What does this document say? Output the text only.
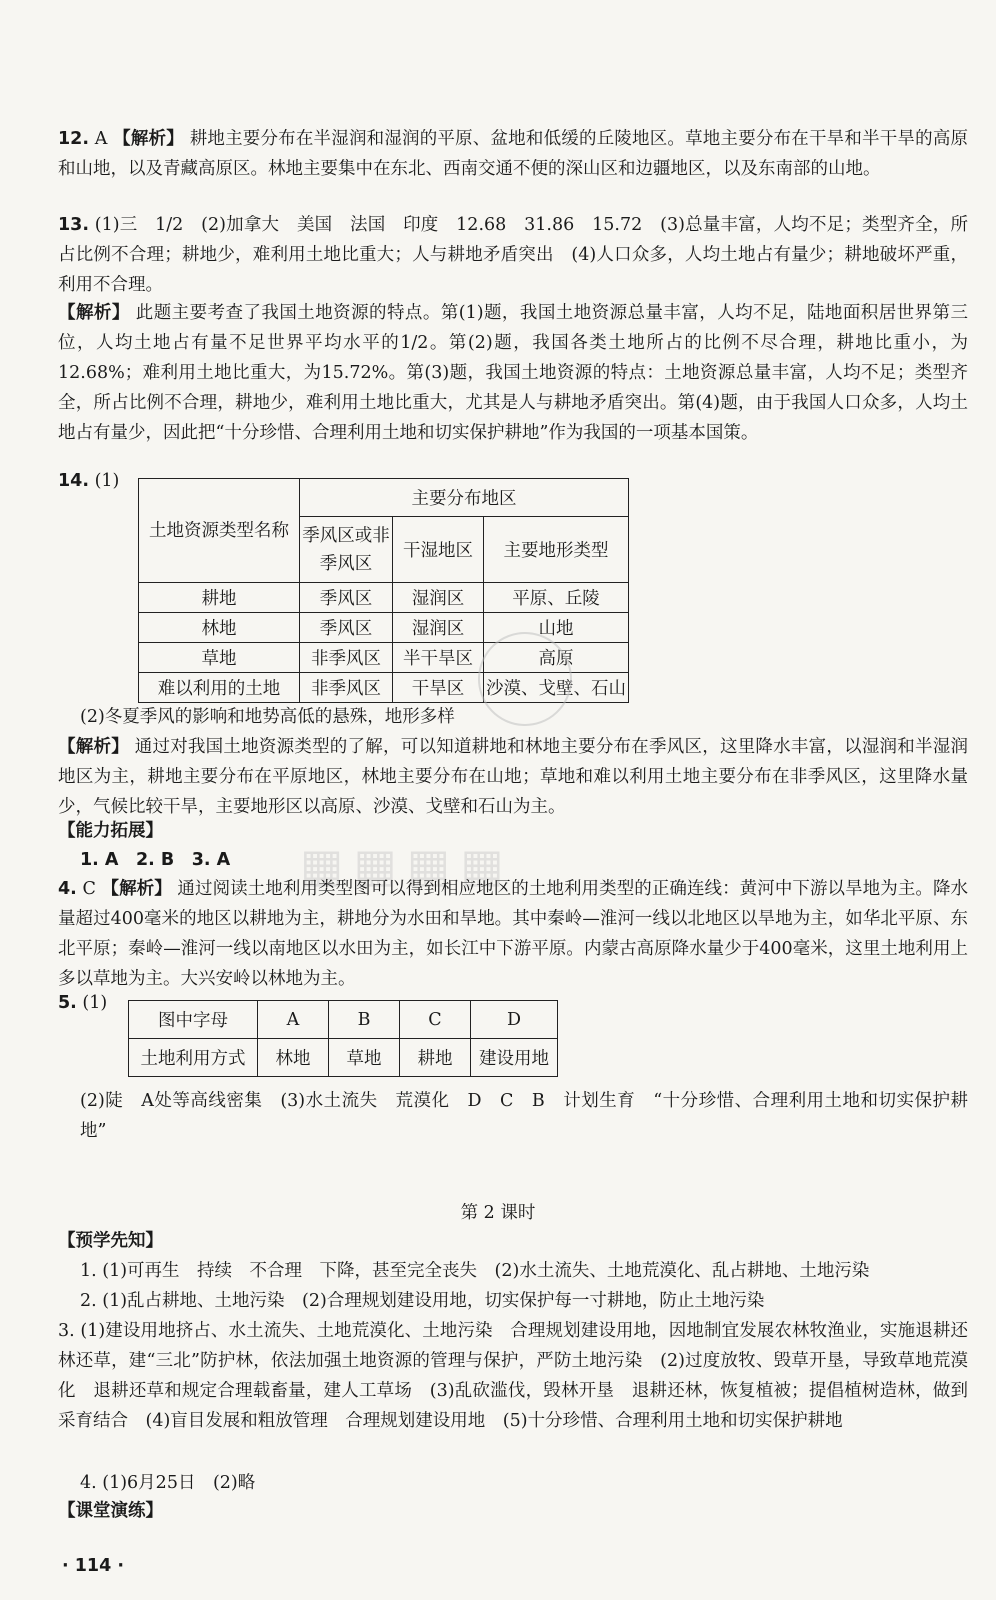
12. A 【解析】 耕地主要分布在半湿润和湿润的平原、盆地和低缓的丘陵地区。草地主要分布在干旱和半干旱的高原和山地，以及青藏高原区。林地主要集中在东北、西南交通不便的深山区和边疆地区，以及东南部的山地。

13. (1)三　1/2　(2)加拿大　美国　法国　印度　12.68　31.86　15.72　(3)总量丰富，人均不足；类型齐全，所占比例不合理；耕地少，难利用土地比重大；人与耕地矛盾突出　(4)人口众多，人均土地占有量少；耕地破坏严重，利用不合理。

【解析】 此题主要考查了我国土地资源的特点。第(1)题，我国土地资源总量丰富，人均不足，陆地面积居世界第三位，人均土地占有量不足世界平均水平的1/2。第(2)题，我国各类土地所占的比例不尽合理，耕地比重小，为12.68%；难利用土地比重大，为15.72%。第(3)题，我国土地资源的特点：土地资源总量丰富，人均不足；类型齐全，所占比例不合理，耕地少，难利用土地比重大，尤其是人与耕地矛盾突出。第(4)题，由于我国人口众多，人均土地占有量少，因此把“十分珍惜、合理利用土地和切实保护耕地”作为我国的一项基本国策。

14. (1)

土地资源类型名称	主要分布地区		
	季风区或非季风区	干湿地区	主要地形类型
耕地	季风区	湿润区	平原、丘陵
林地	季风区	湿润区	山地
草地	非季风区	半干旱区	高原
难以利用的土地	非季风区	干旱区	沙漠、戈壁、石山

(2)冬夏季风的影响和地势高低的悬殊，地形多样

【解析】 通过对我国土地资源类型的了解，可以知道耕地和林地主要分布在季风区，这里降水丰富，以湿润和半湿润地区为主，耕地主要分布在平原地区，林地主要分布在山地；草地和难以利用土地主要分布在非季风区，这里降水量少，气候比较干旱，主要地形区以高原、沙漠、戈壁和石山为主。

【能力拓展】

1. A　2. B　3. A	▦▦▦▦

4. C 【解析】 通过阅读土地利用类型图可以得到相应地区的土地利用类型的正确连线：黄河中下游以旱地为主。降水量超过400毫米的地区以耕地为主，耕地分为水田和旱地。其中秦岭—淮河一线以北地区以旱地为主，如华北平原、东北平原；秦岭—淮河一线以南地区以水田为主，如长江中下游平原。内蒙古高原降水量少于400毫米，这里土地利用上多以草地为主。大兴安岭以林地为主。

5. (1)

图中字母	A	B	C	D
土地利用方式	林地	草地	耕地	建设用地

(2)陡　A处等高线密集　(3)水土流失　荒漠化　D　C　B　计划生育　“十分珍惜、合理利用土地和切实保护耕地”

第 2 课时
【预学先知】

1. (1)可再生　持续　不合理　下降，甚至完全丧失　(2)水土流失、土地荒漠化、乱占耕地、土地污染

2. (1)乱占耕地、土地污染　(2)合理规划建设用地，切实保护每一寸耕地，防止土地污染

3. (1)建设用地挤占、水土流失、土地荒漠化、土地污染　合理规划建设用地，因地制宜发展农林牧渔业，实施退耕还林还草，建“三北”防护林，依法加强土地资源的管理与保护，严防土地污染　(2)过度放牧、毁草开垦，导致草地荒漠化　退耕还草和规定合理载畜量，建人工草场　(3)乱砍滥伐，毁林开垦　退耕还林，恢复植被；提倡植树造林，做到采育结合　(4)盲目发展和粗放管理　合理规划建设用地　(5)十分珍惜、合理利用土地和切实保护耕地

4. (1)6月25日　(2)略

【课堂演练】
· 114 ·
